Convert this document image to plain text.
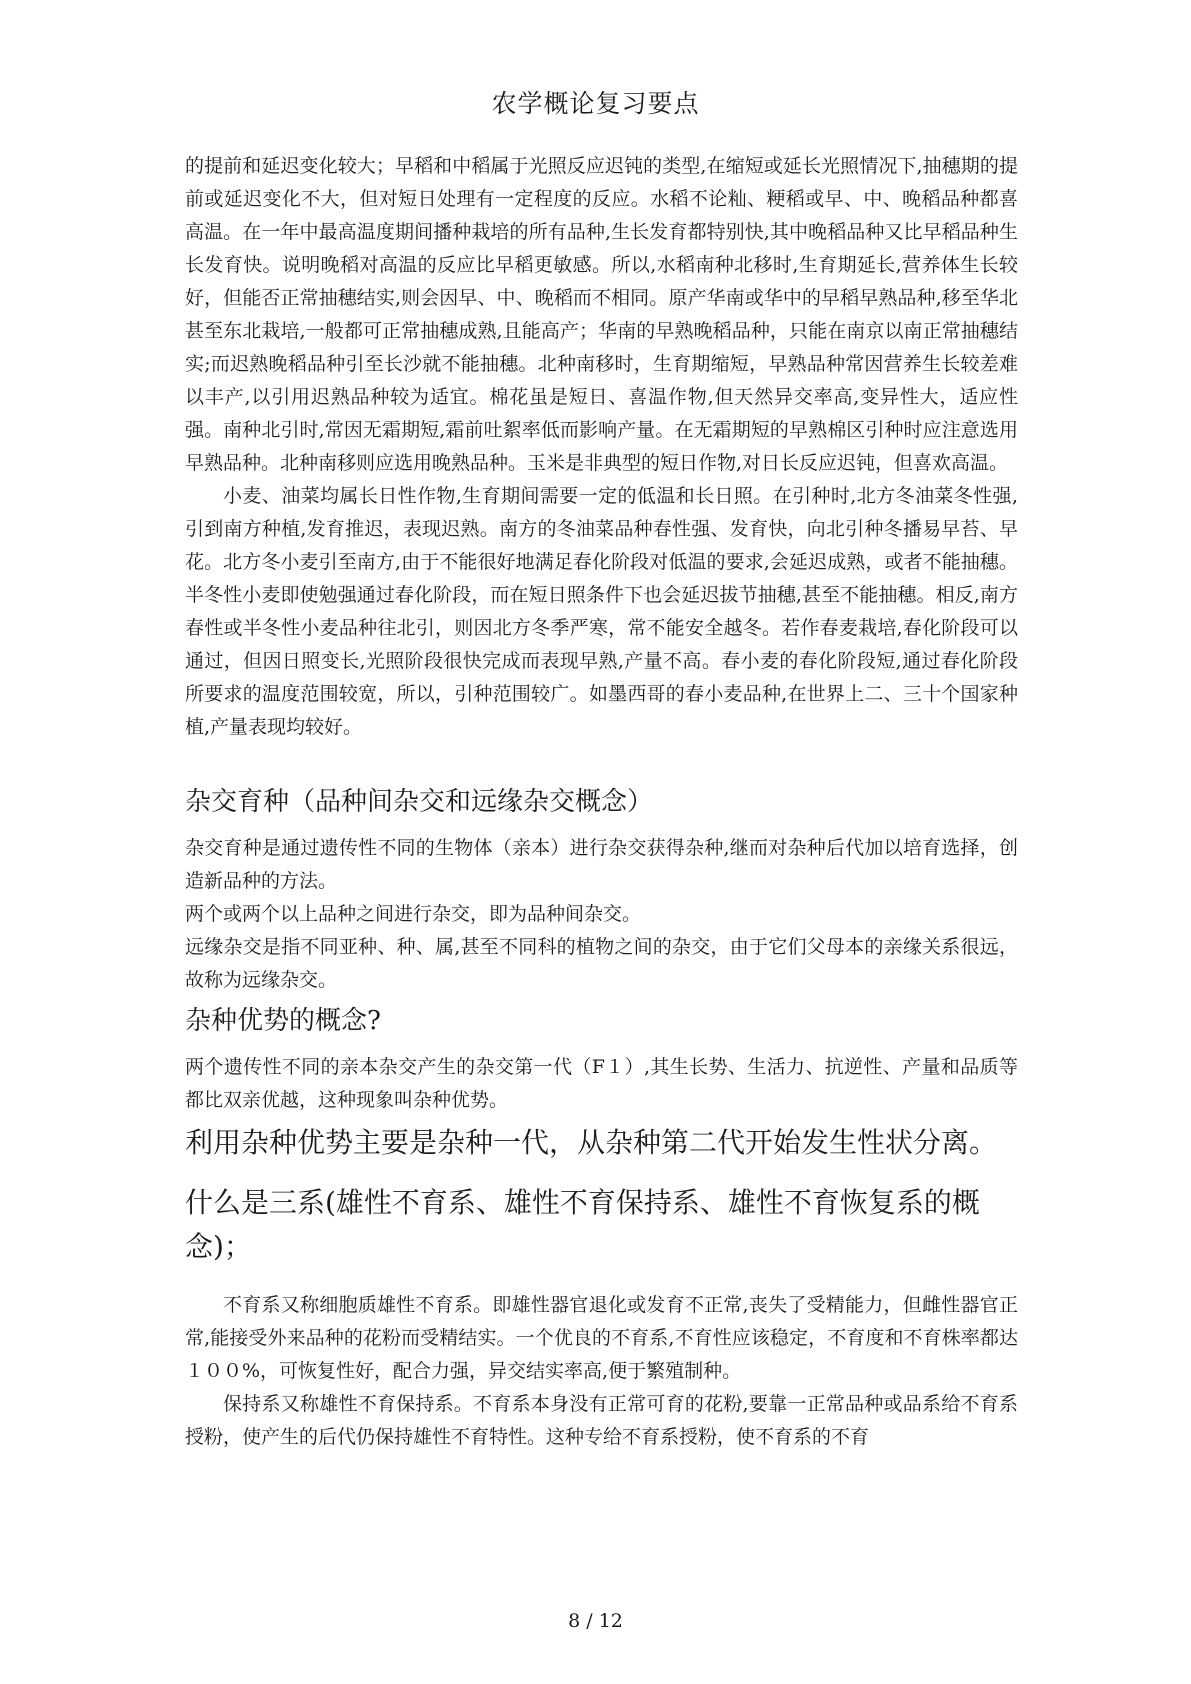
农学概论复习要点

的提前和延迟变化较大；早稻和中稻属于光照反应迟钝的类型,在缩短或延长光照情况下,抽穗期的提前或延迟变化不大，但对短日处理有一定程度的反应。水稻不论籼、粳稻或早、中、晚稻品种都喜高温。在一年中最高温度期间播种栽培的所有品种,生长发育都特别快,其中晚稻品种又比早稻品种生长发育快。说明晚稻对高温的反应比早稻更敏感。所以,水稻南种北移时,生育期延长,营养体生长较好，但能否正常抽穗结实,则会因早、中、晚稻而不相同。原产华南或华中的早稻早熟品种,移至华北甚至东北栽培,一般都可正常抽穗成熟,且能高产；华南的早熟晚稻品种，只能在南京以南正常抽穗结实;而迟熟晚稻品种引至长沙就不能抽穗。北种南移时，生育期缩短，早熟品种常因营养生长较差难以丰产,以引用迟熟品种较为适宜。棉花虽是短日、喜温作物,但天然异交率高,变异性大，适应性强。南种北引时,常因无霜期短,霜前吐絮率低而影响产量。在无霜期短的早熟棉区引种时应注意选用早熟品种。北种南移则应选用晚熟品种。玉米是非典型的短日作物,对日长反应迟钝，但喜欢高温。

小麦、油菜均属长日性作物,生育期间需要一定的低温和长日照。在引种时,北方冬油菜冬性强,引到南方种植,发育推迟，表现迟熟。南方的冬油菜品种春性强、发育快，向北引种冬播易早苔、早花。北方冬小麦引至南方,由于不能很好地满足春化阶段对低温的要求,会延迟成熟，或者不能抽穗。半冬性小麦即使勉强通过春化阶段，而在短日照条件下也会延迟拔节抽穗,甚至不能抽穗。相反,南方春性或半冬性小麦品种往北引，则因北方冬季严寒，常不能安全越冬。若作春麦栽培,春化阶段可以通过，但因日照变长,光照阶段很快完成而表现早熟,产量不高。春小麦的春化阶段短,通过春化阶段所要求的温度范围较宽，所以，引种范围较广。如墨西哥的春小麦品种,在世界上二、三十个国家种植,产量表现均较好。

杂交育种（品种间杂交和远缘杂交概念）

杂交育种是通过遗传性不同的生物体（亲本）进行杂交获得杂种,继而对杂种后代加以培育选择，创造新品种的方法。

两个或两个以上品种之间进行杂交，即为品种间杂交。

远缘杂交是指不同亚种、种、属,甚至不同科的植物之间的杂交，由于它们父母本的亲缘关系很远，故称为远缘杂交。

杂种优势的概念?

两个遗传性不同的亲本杂交产生的杂交第一代（F１）,其生长势、生活力、抗逆性、产量和品质等都比双亲优越，这种现象叫杂种优势。

利用杂种优势主要是杂种一代，从杂种第二代开始发生性状分离。
什么是三系(雄性不育系、雄性不育保持系、雄性不育恢复系的概念)；

不育系又称细胞质雄性不育系。即雄性器官退化或发育不正常,丧失了受精能力，但雌性器官正常,能接受外来品种的花粉而受精结实。一个优良的不育系,不育性应该稳定，不育度和不育株率都达１００%，可恢复性好，配合力强，异交结实率高,便于繁殖制种。

保持系又称雄性不育保持系。不育系本身没有正常可育的花粉,要靠一正常品种或品系给不育系授粉，使产生的后代仍保持雄性不育特性。这种专给不育系授粉，使不育系的不育

8 / 12
